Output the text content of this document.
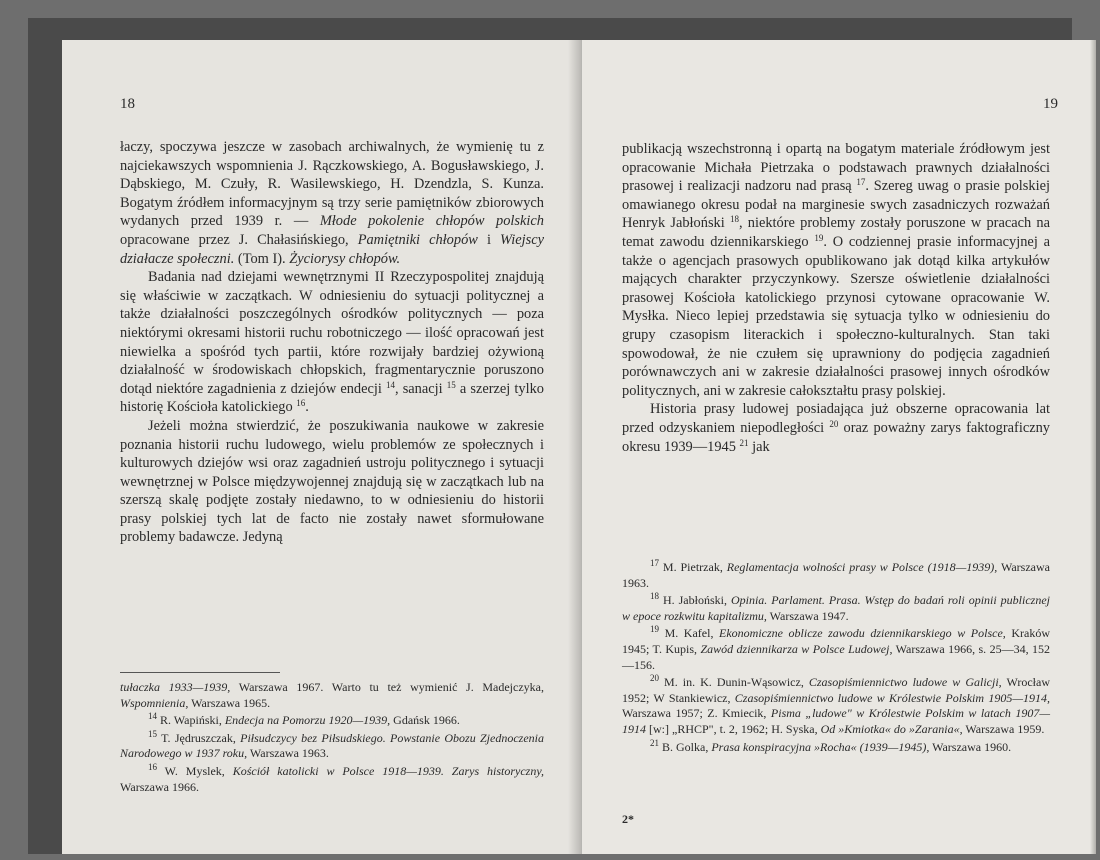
18

łaczy, spoczywa jeszcze w zasobach archiwalnych, że wymienię tu z najciekawszych wspomnienia J. Rączkowskiego, A. Bogusławskiego, J. Dąbskiego, M. Czuły, R. Wasilewskiego, H. Dzendzla, S. Kunza. Bogatym źródłem informacyjnym są trzy serie pamiętników zbiorowych wydanych przed 1939 r. — Młode pokolenie chłopów polskich opracowane przez J. Chałasińskiego, Pamiętniki chłopów i Wiejscy działacze społeczni. (Tom I). Życiorysy chłopów.

Badania nad dziejami wewnętrznymi II Rzeczypospolitej znajdują się właściwie w zaczątkach. W odniesieniu do sytuacji politycznej a także działalności poszczególnych ośrodków politycznych — poza niektórymi okresami historii ruchu robotniczego — ilość opracowań jest niewielka a spośród tych partii, które rozwijały bardziej ożywioną działalność w środowiskach chłopskich, fragmentarycznie poruszono dotąd niektóre zagadnienia z dziejów endecji $^{14}$, sanacji $^{15}$ a szerzej tylko historię Kościoła katolickiego $^{16}$.

Jeżeli można stwierdzić, że poszukiwania naukowe w zakresie poznania historii ruchu ludowego, wielu problemów ze społecznych i kulturowych dziejów wsi oraz zagadnień ustroju politycznego i sytuacji wewnętrznej w Polsce międzywojennej znajdują się w zaczątkach lub na szerszą skalę podjęte zostały niedawno, to w odniesieniu do historii prasy polskiej tych lat de facto nie zostały nawet sformułowane problemy badawcze. Jedyną

tułaczka 1933—1939, Warszawa 1967. Warto tu też wymienić J. Madejczyka, Wspomnienia, Warszawa 1965.

$^{14}$ R. Wapiński, Endecja na Pomorzu 1920—1939, Gdańsk 1966.

$^{15}$ T. Jędruszczak, Piłsudczycy bez Piłsudskiego. Powstanie Obozu Zjednoczenia Narodowego w 1937 roku, Warszawa 1963.

$^{16}$ W. Myslek, Kościół katolicki w Polsce 1918—1939. Zarys historyczny, Warszawa 1966.

19

publikacją wszechstronną i opartą na bogatym materiale źródłowym jest opracowanie Michała Pietrzaka o podstawach prawnych działalności prasowej i realizacji nadzoru nad prasą $^{17}$. Szereg uwag o prasie polskiej omawianego okresu podał na marginesie swych zasadniczych rozważań Henryk Jabłoński $^{18}$, niektóre problemy zostały poruszone w pracach na temat zawodu dziennikarskiego $^{19}$. O codziennej prasie informacyjnej a także o agencjach prasowych opublikowano jak dotąd kilka artykułów mających charakter przyczynkowy. Szersze oświetlenie działalności prasowej Kościoła katolickiego przynosi cytowane opracowanie W. Mysłka. Nieco lepiej przedstawia się sytuacja tylko w odniesieniu do grupy czasopism literackich i społeczno-kulturalnych. Stan taki spowodował, że nie czułem się uprawniony do podjęcia zagadnień porównawczych ani w zakresie działalności prasowej innych ośrodków politycznych, ani w zakresie całokształtu prasy polskiej.

Historia prasy ludowej posiadająca już obszerne opracowania lat przed odzyskaniem niepodległości $^{20}$ oraz poważny zarys faktograficzny okresu 1939—1945 $^{21}$ jak

$^{17}$ M. Pietrzak, Reglamentacja wolności prasy w Polsce (1918—1939), Warszawa 1963.

$^{18}$ H. Jabłoński, Opinia. Parlament. Prasa. Wstęp do badań roli opinii publicznej w epoce rozkwitu kapitalizmu, Warszawa 1947.

$^{19}$ M. Kafel, Ekonomiczne oblicze zawodu dziennikarskiego w Polsce, Kraków 1945; T. Kupis, Zawód dziennikarza w Polsce Ludowej, Warszawa 1966, s. 25—34, 152—156.

$^{20}$ M. in. K. Dunin-Wąsowicz, Czasopiśmiennictwo ludowe w Galicji, Wrocław 1952; W Stankiewicz, Czasopiśmiennictwo ludowe w Królestwie Polskim 1905—1914, Warszawa 1957; Z. Kmiecik, Pisma „ludowe" w Królestwie Polskim w latach 1907—1914 [w:] „RHCP", t. 2, 1962; H. Syska, Od »Kmiotka« do »Zarania«, Warszawa 1959.

$^{21}$ B. Golka, Prasa konspiracyjna »Rocha« (1939—1945), Warszawa 1960.

2*
